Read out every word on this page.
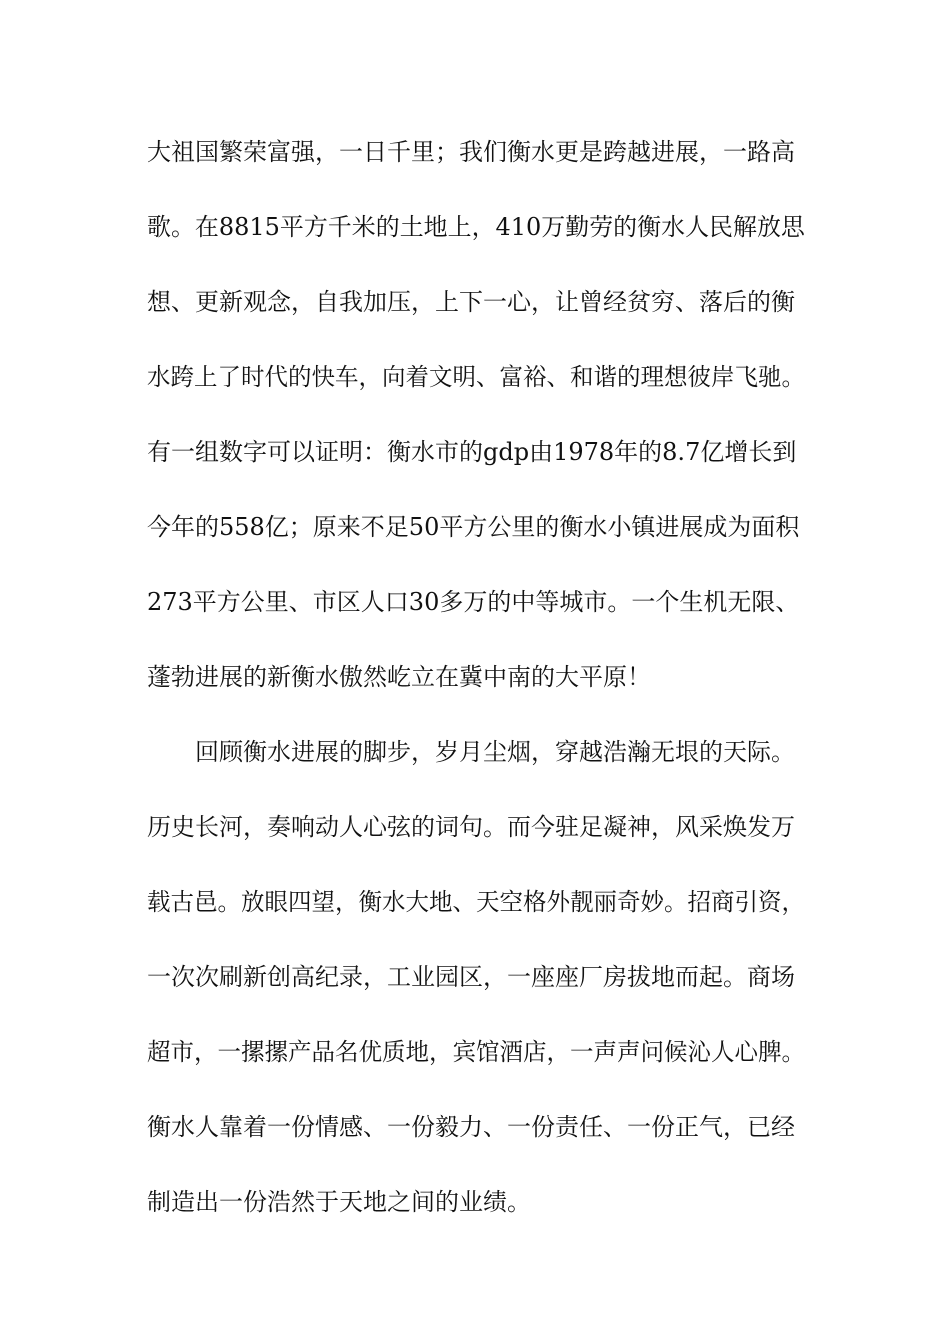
大祖国繁荣富强，一日千里；我们衡水更是跨越进展，一路高
歌。在8815平方千米的土地上，410万勤劳的衡水人民解放思
想、更新观念，自我加压，上下一心，让曾经贫穷、落后的衡
水跨上了时代的快车，向着文明、富裕、和谐的理想彼岸飞驰。
有一组数字可以证明：衡水市的gdp由1978年的8.7亿增长到
今年的558亿；原来不足50平方公里的衡水小镇进展成为面积
273平方公里、市区人口30多万的中等城市。一个生机无限、
蓬勃进展的新衡水傲然屹立在冀中南的大平原！
回顾衡水进展的脚步，岁月尘烟，穿越浩瀚无垠的天际。
历史长河，奏响动人心弦的词句。而今驻足凝神，风采焕发万
载古邑。放眼四望，衡水大地、天空格外靓丽奇妙。招商引资，
一次次刷新创高纪录，工业园区，一座座厂房拔地而起。商场
超市，一摞摞产品名优质地，宾馆酒店，一声声问候沁人心脾。
衡水人靠着一份情感、一份毅力、一份责任、一份正气，已经
制造出一份浩然于天地之间的业绩。
